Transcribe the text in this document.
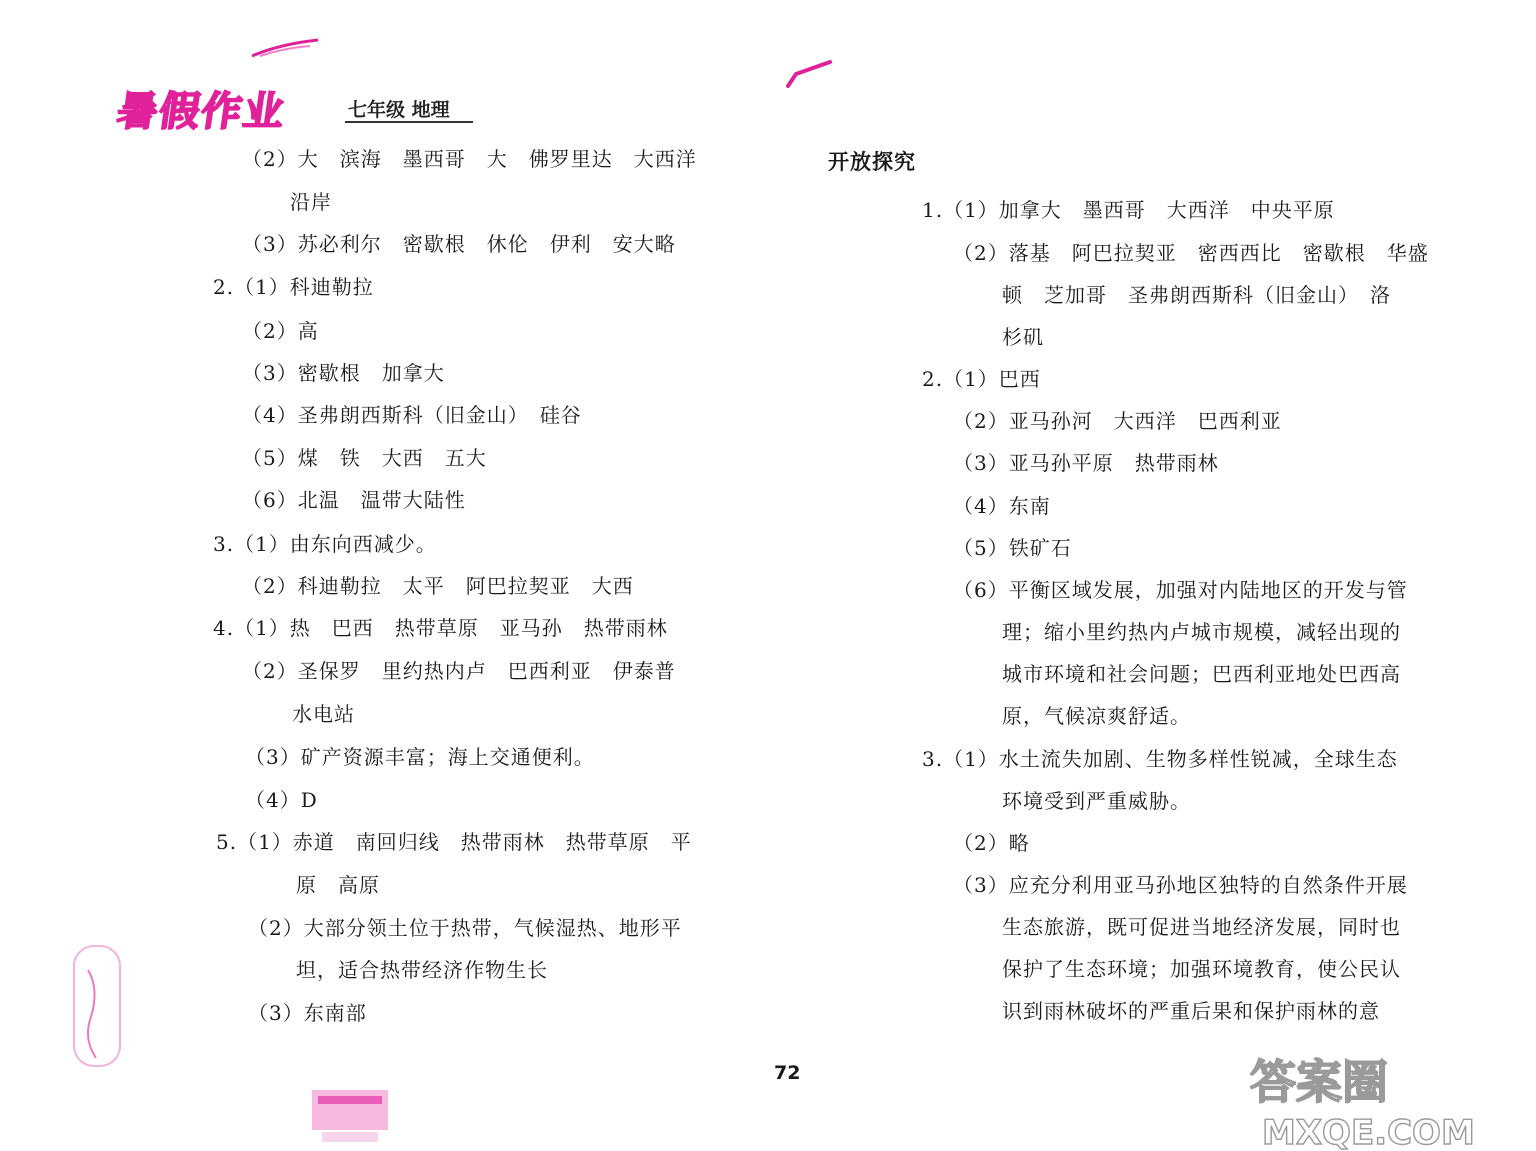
暑假作业	七年级 地理
（2）大　滨海　墨西哥　大　佛罗里达　大西洋
沿岸
（3）苏必利尔　密歇根　休伦　伊利　安大略
2.（1）科迪勒拉
（2）高
（3）密歇根　加拿大
（4）圣弗朗西斯科（旧金山）　硅谷
（5）煤　铁　大西　五大
（6）北温　温带大陆性
3.（1）由东向西减少。
（2）科迪勒拉　太平　阿巴拉契亚　大西
4.（1）热　巴西　热带草原　亚马孙　热带雨林
（2）圣保罗　里约热内卢　巴西利亚　伊泰普
水电站
（3）矿产资源丰富；海上交通便利。
（4）D
5.（1）赤道　南回归线　热带雨林　热带草原　平
原　高原
（2）大部分领土位于热带，气候湿热、地形平
坦，适合热带经济作物生长
（3）东南部
开放探究
1.（1）加拿大　墨西哥　大西洋　中央平原
（2）落基　阿巴拉契亚　密西西比　密歇根　华盛
顿　芝加哥　圣弗朗西斯科（旧金山）　洛
杉矶
2.（1）巴西
（2）亚马孙河　大西洋　巴西利亚
（3）亚马孙平原　热带雨林
（4）东南
（5）铁矿石
（6）平衡区域发展，加强对内陆地区的开发与管
理；缩小里约热内卢城市规模，减轻出现的
城市环境和社会问题；巴西利亚地处巴西高
原，气候凉爽舒适。
3.（1）水土流失加剧、生物多样性锐减，全球生态
环境受到严重威胁。
（2）略
（3）应充分利用亚马孙地区独特的自然条件开展
生态旅游，既可促进当地经济发展，同时也
保护了生态环境；加强环境教育，使公民认
识到雨林破坏的严重后果和保护雨林的意
72	答案圈
MXQE.COM
